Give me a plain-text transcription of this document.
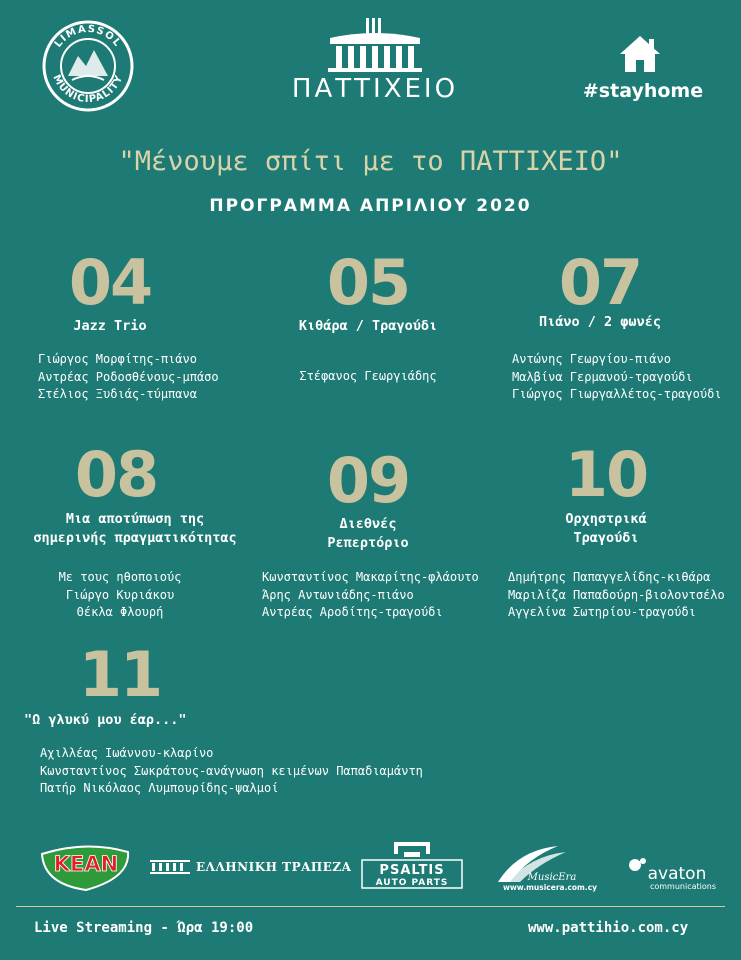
LIMASSOL
MUNICIPALITY	ΠΑΤΤΙΧΕΙΟ	#stayhome
"Μένουμε σπίτι με το ΠΑΤΤΙΧΕΙΟ"
ΠΡΟΓΡΑΜΜΑ ΑΠΡΙΛΙΟΥ 2020
04
Jazz Trio
Γιώργος Μορφίτης-πιάνο
Αντρέας Ροδοσθένους-μπάσο
Στέλιος Ξυδιάς-τύμπανα
05
Κιθάρα / Τραγούδι
Στέφανος Γεωργιάδης
07
Πιάνο / 2 φωνές
Αντώνης Γεωργίου-πιάνο
Μαλβίνα Γερμανού-τραγούδι
Γιώργος Γιωργαλλέτος-τραγούδι
08
Μια αποτύπωση της
σημερινής πραγματικότητας
Με τους ηθοποιούς
Γιώργο Κυριάκου
Θέκλα Φλουρή
09
Διεθνές
Ρεπερτόριο
Κωνσταντίνος Μακαρίτης-φλάουτο
Άρης Αντωνιάδης-πιάνο
Αντρέας Αροδίτης-τραγούδι
10
Ορχηστρικά
Τραγούδι
Δημήτρης Παπαγγελίδης-κιθάρα
Μαριλίζα Παπαδούρη-βιολοντσέλο
Αγγελίνα Σωτηρίου-τραγούδι
11
"Ω γλυκύ μου έαρ..."
Αχιλλέας Ιωάννου-κλαρίνο
Κωνσταντίνος Σωκράτους-ανάγνωση κειμένων Παπαδιαμάντη
Πατήρ Νικόλαος Λυμπουρίδης-ψαλμοί
KEAN	ΕΛΛΗΝΙΚΗ ΤΡΑΠΕΖΑ PSALTIS
AUTO PARTS	MusicEra
www.musicera.com.cy
avaton
communications
Live Streaming - Ώρα 19:00	www.pattihio.com.cy
